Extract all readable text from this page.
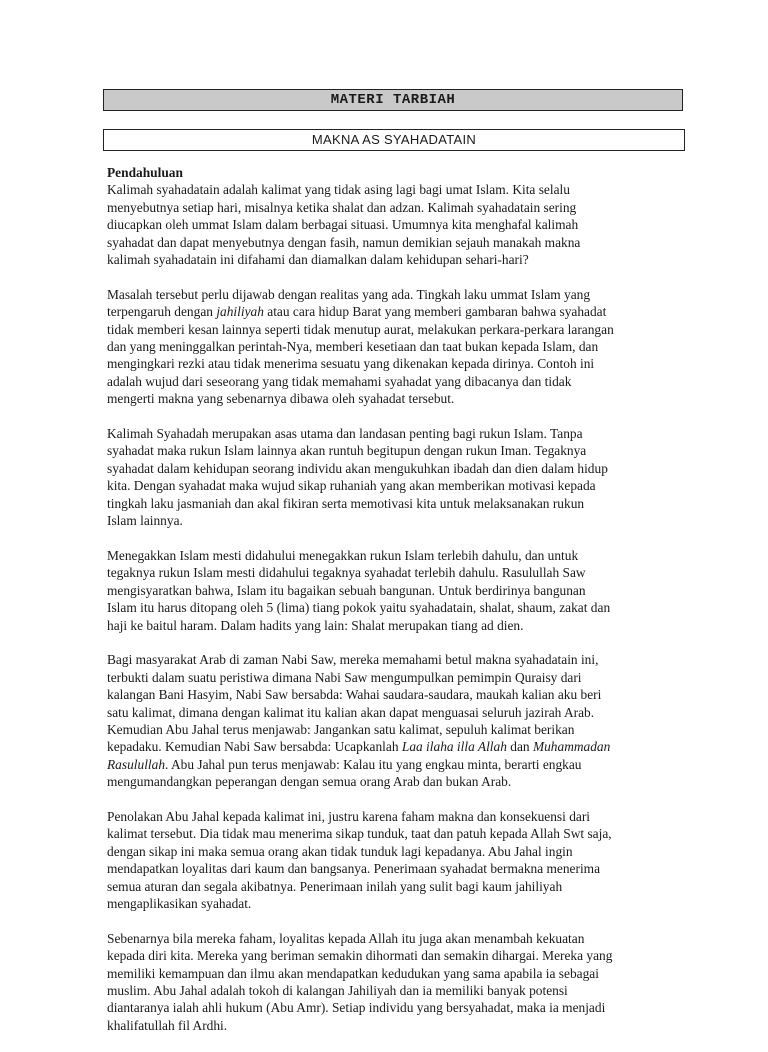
MATERI TARBIAH
MAKNA AS SYAHADATAIN

Pendahuluan

Kalimah syahadatain adalah kalimat yang tidak asing lagi bagi umat Islam. Kita selalu
menyebutnya setiap hari, misalnya ketika shalat dan adzan. Kalimah syahadatain sering
diucapkan oleh ummat Islam dalam berbagai situasi. Umumnya kita menghafal kalimah
syahadat dan dapat menyebutnya dengan fasih, namun demikian sejauh manakah makna
kalimah syahadatain ini difahami dan diamalkan dalam kehidupan sehari-hari?

Masalah tersebut perlu dijawab dengan realitas yang ada. Tingkah laku ummat Islam yang
terpengaruh dengan jahiliyah atau cara hidup Barat yang memberi gambaran bahwa syahadat
tidak memberi kesan lainnya seperti tidak menutup aurat, melakukan perkara-perkara larangan
dan yang meninggalkan perintah-Nya, memberi kesetiaan dan taat bukan kepada Islam, dan
mengingkari rezki atau tidak menerima sesuatu yang dikenakan kepada dirinya. Contoh ini
adalah wujud dari seseorang yang tidak memahami syahadat yang dibacanya dan tidak
mengerti makna yang sebenarnya dibawa oleh syahadat tersebut.

Kalimah Syahadah merupakan asas utama dan landasan penting bagi rukun Islam. Tanpa
syahadat maka rukun Islam lainnya akan runtuh begitupun dengan rukun Iman. Tegaknya
syahadat dalam kehidupan seorang individu akan mengukuhkan ibadah dan dien dalam hidup
kita. Dengan syahadat maka wujud sikap ruhaniah yang akan memberikan motivasi kepada
tingkah laku jasmaniah dan akal fikiran serta memotivasi kita untuk melaksanakan rukun
Islam lainnya.

Menegakkan Islam mesti didahului menegakkan rukun Islam terlebih dahulu, dan untuk
tegaknya rukun Islam mesti didahului tegaknya syahadat terlebih dahulu. Rasulullah Saw
mengisyaratkan bahwa, Islam itu bagaikan sebuah bangunan. Untuk berdirinya bangunan
Islam itu harus ditopang oleh 5 (lima) tiang pokok yaitu syahadatain, shalat, shaum, zakat dan
haji ke baitul haram. Dalam hadits yang lain: Shalat merupakan tiang ad dien.

Bagi masyarakat Arab di zaman Nabi Saw, mereka memahami betul makna syahadatain ini,
terbukti dalam suatu peristiwa dimana Nabi Saw mengumpulkan pemimpin Quraisy dari
kalangan Bani Hasyim, Nabi Saw bersabda: Wahai saudara-saudara, maukah kalian aku beri
satu kalimat, dimana dengan kalimat itu kalian akan dapat menguasai seluruh jazirah Arab.
Kemudian Abu Jahal terus menjawab: Jangankan satu kalimat, sepuluh kalimat berikan
kepadaku. Kemudian Nabi Saw bersabda: Ucapkanlah Laa ilaha illa Allah dan Muhammadan
Rasulullah. Abu Jahal pun terus menjawab: Kalau itu yang engkau minta, berarti engkau
mengumandangkan peperangan dengan semua orang Arab dan bukan Arab.

Penolakan Abu Jahal kepada kalimat ini, justru karena faham makna dan konsekuensi dari
kalimat tersebut. Dia tidak mau menerima sikap tunduk, taat dan patuh kepada Allah Swt saja,
dengan sikap ini maka semua orang akan tidak tunduk lagi kepadanya. Abu Jahal ingin
mendapatkan loyalitas dari kaum dan bangsanya. Penerimaan syahadat bermakna menerima
semua aturan dan segala akibatnya. Penerimaan inilah yang sulit bagi kaum jahiliyah
mengaplikasikan syahadat.

Sebenarnya bila mereka faham, loyalitas kepada Allah itu juga akan menambah kekuatan
kepada diri kita. Mereka yang beriman semakin dihormati dan semakin dihargai. Mereka yang
memiliki kemampuan dan ilmu akan mendapatkan kedudukan yang sama apabila ia sebagai
muslim. Abu Jahal adalah tokoh di kalangan Jahiliyah dan ia memiliki banyak potensi
diantaranya ialah ahli hukum (Abu Amr). Setiap individu yang bersyahadat, maka ia menjadi
khalifatullah fil Ardhi.
